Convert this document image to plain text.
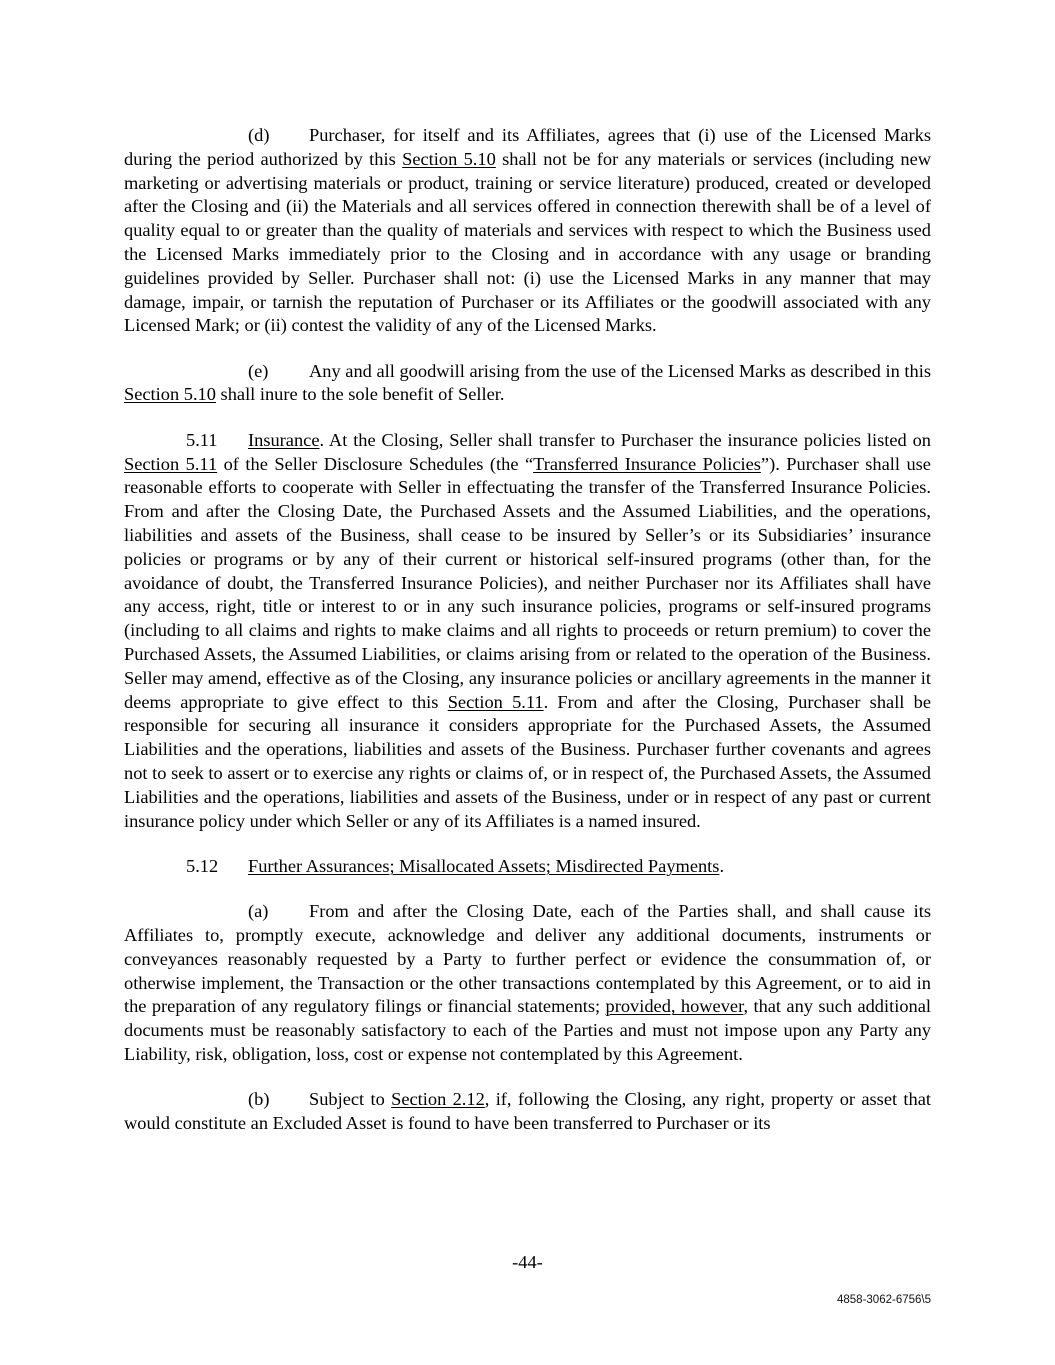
(d) Purchaser, for itself and its Affiliates, agrees that (i) use of the Licensed Marks during the period authorized by this Section 5.10 shall not be for any materials or services (including new marketing or advertising materials or product, training or service literature) produced, created or developed after the Closing and (ii) the Materials and all services offered in connection therewith shall be of a level of quality equal to or greater than the quality of materials and services with respect to which the Business used the Licensed Marks immediately prior to the Closing and in accordance with any usage or branding guidelines provided by Seller. Purchaser shall not: (i) use the Licensed Marks in any manner that may damage, impair, or tarnish the reputation of Purchaser or its Affiliates or the goodwill associated with any Licensed Mark; or (ii) contest the validity of any of the Licensed Marks.

(e) Any and all goodwill arising from the use of the Licensed Marks as described in this Section 5.10 shall inure to the sole benefit of Seller.

5.11 Insurance. At the Closing, Seller shall transfer to Purchaser the insurance policies listed on Section 5.11 of the Seller Disclosure Schedules (the “Transferred Insurance Policies”). Purchaser shall use reasonable efforts to cooperate with Seller in effectuating the transfer of the Transferred Insurance Policies. From and after the Closing Date, the Purchased Assets and the Assumed Liabilities, and the operations, liabilities and assets of the Business, shall cease to be insured by Seller’s or its Subsidiaries’ insurance policies or programs or by any of their current or historical self-insured programs (other than, for the avoidance of doubt, the Transferred Insurance Policies), and neither Purchaser nor its Affiliates shall have any access, right, title or interest to or in any such insurance policies, programs or self-insured programs (including to all claims and rights to make claims and all rights to proceeds or return premium) to cover the Purchased Assets, the Assumed Liabilities, or claims arising from or related to the operation of the Business. Seller may amend, effective as of the Closing, any insurance policies or ancillary agreements in the manner it deems appropriate to give effect to this Section 5.11. From and after the Closing, Purchaser shall be responsible for securing all insurance it considers appropriate for the Purchased Assets, the Assumed Liabilities and the operations, liabilities and assets of the Business. Purchaser further covenants and agrees not to seek to assert or to exercise any rights or claims of, or in respect of, the Purchased Assets, the Assumed Liabilities and the operations, liabilities and assets of the Business, under or in respect of any past or current insurance policy under which Seller or any of its Affiliates is a named insured.

5.12 Further Assurances; Misallocated Assets; Misdirected Payments.

(a) From and after the Closing Date, each of the Parties shall, and shall cause its Affiliates to, promptly execute, acknowledge and deliver any additional documents, instruments or conveyances reasonably requested by a Party to further perfect or evidence the consummation of, or otherwise implement, the Transaction or the other transactions contemplated by this Agreement, or to aid in the preparation of any regulatory filings or financial statements; provided, however, that any such additional documents must be reasonably satisfactory to each of the Parties and must not impose upon any Party any Liability, risk, obligation, loss, cost or expense not contemplated by this Agreement.

(b) Subject to Section 2.12, if, following the Closing, any right, property or asset that would constitute an Excluded Asset is found to have been transferred to Purchaser or its

-44-
4858-3062-6756\5
